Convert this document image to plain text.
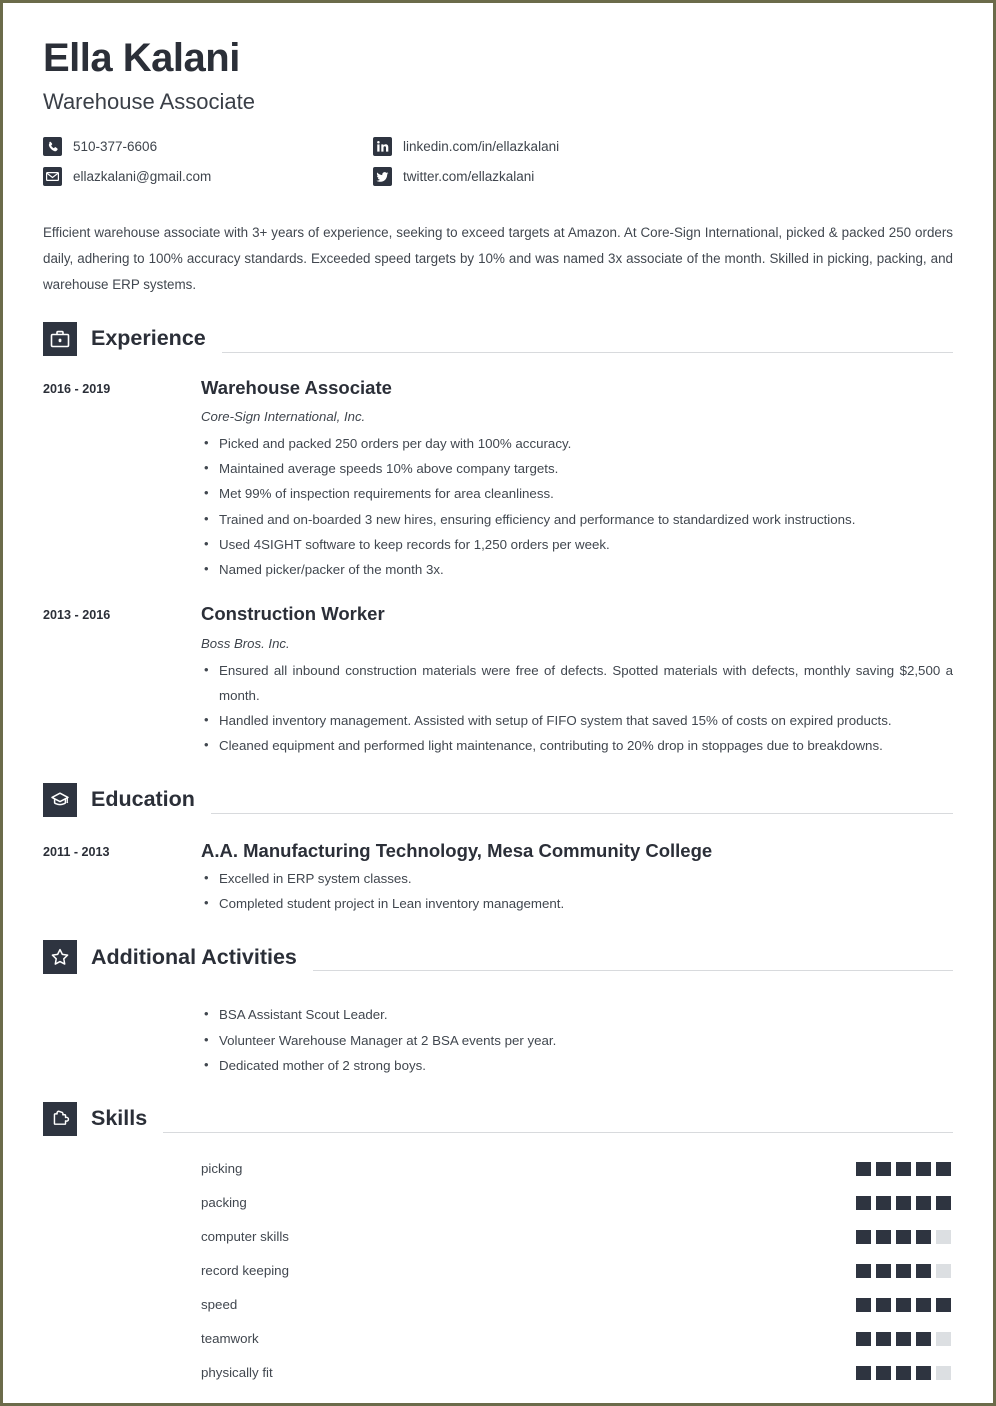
Ella Kalani
Warehouse Associate
510-377-6606	linkedin.com/in/ellazkalani
ellazkalani@gmail.com	twitter.com/ellazkalani
Efficient warehouse associate with 3+ years of experience, seeking to exceed targets at Amazon. At Core-Sign International, picked & packed 250 orders daily, adhering to 100% accuracy standards. Exceeded speed targets by 10% and was named 3x associate of the month. Skilled in picking, packing, and warehouse ERP systems.
Experience
2016 - 2019	Warehouse Associate
Core-Sign International, Inc.
• Picked and packed 250 orders per day with 100% accuracy.
• Maintained average speeds 10% above company targets.
• Met 99% of inspection requirements for area cleanliness.
• Trained and on-boarded 3 new hires, ensuring efficiency and performance to standardized work instructions.
• Used 4SIGHT software to keep records for 1,250 orders per week.
• Named picker/packer of the month 3x.
2013 - 2016	Construction Worker
Boss Bros. Inc.
• Ensured all inbound construction materials were free of defects. Spotted materials with defects, monthly saving $2,500 a month.
• Handled inventory management. Assisted with setup of FIFO system that saved 15% of costs on expired products.
• Cleaned equipment and performed light maintenance, contributing to 20% drop in stoppages due to breakdowns.
Education
2011 - 2013	A.A. Manufacturing Technology, Mesa Community College
• Excelled in ERP system classes.
• Completed student project in Lean inventory management.
Additional Activities
• BSA Assistant Scout Leader.
• Volunteer Warehouse Manager at 2 BSA events per year.
• Dedicated mother of 2 strong boys.
Skills
picking
packing
computer skills
record keeping
speed
teamwork
physically fit
